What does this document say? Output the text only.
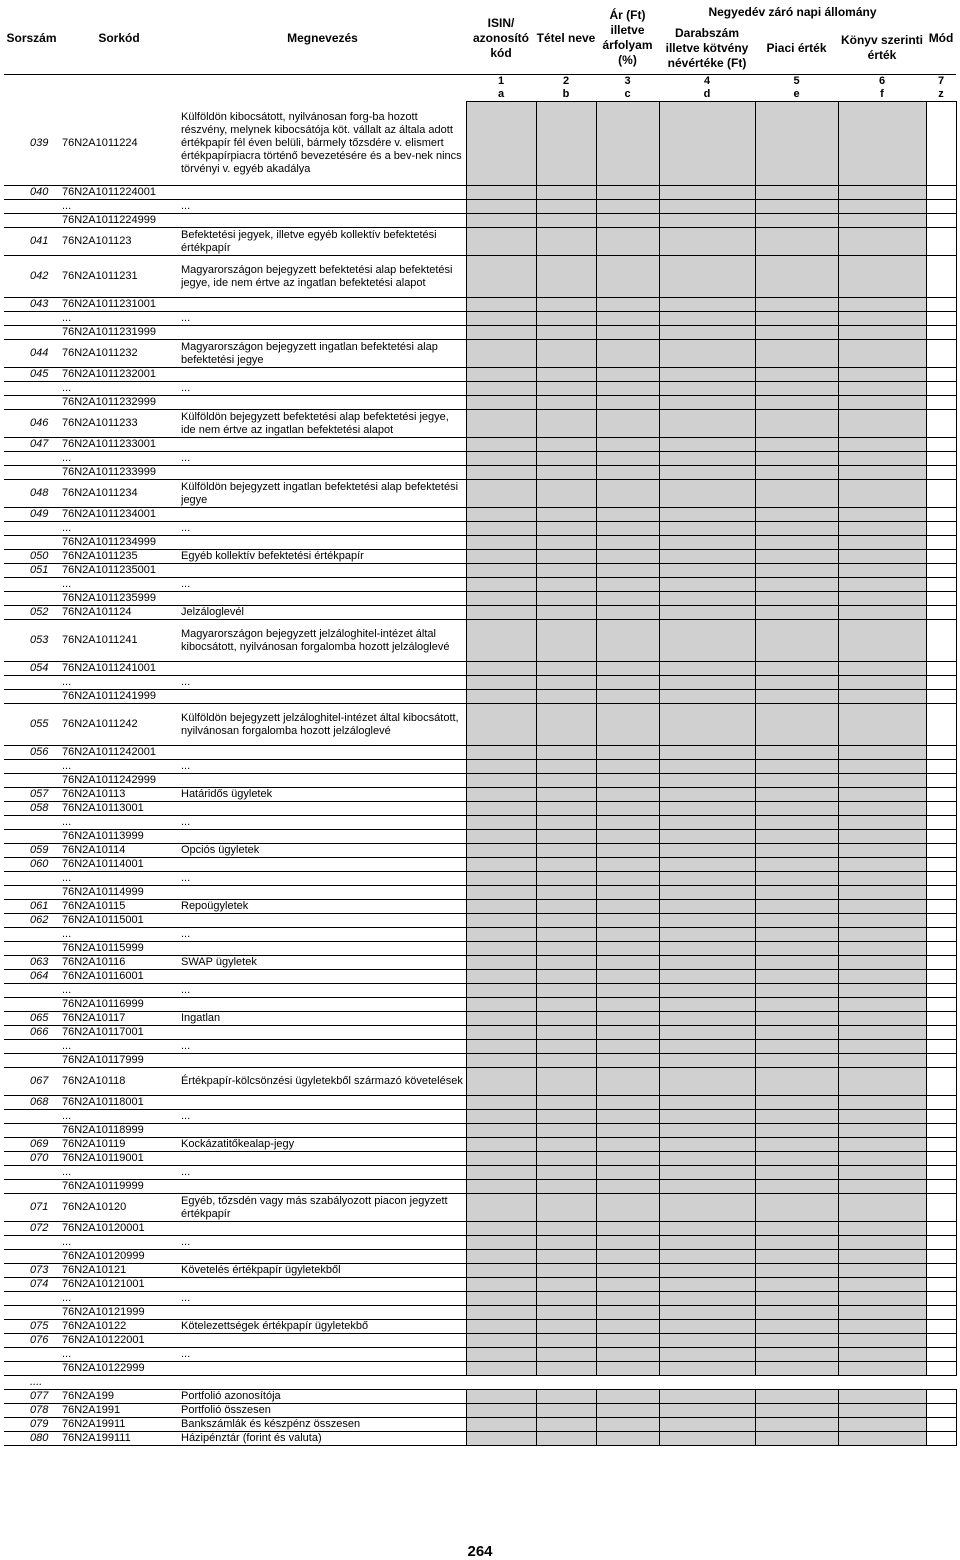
Sorszám	Sorkód	Megnevezés	ISIN/ azonosító kód	Tétel neve	Ár (Ft) illetve árfolyam (%)	Negyedév záró napi állomány			Mód
						Darabszám illetve kötvény névértéke (Ft)	Piaci érték	Könyv szerinti érték	

			1	2	3	4	5	6	7
			a	b	c	d	e	f	z
039	76N2A1011224	Külföldön kibocsátott, nyilvánosan forg-ba hozott részvény, melynek kibocsátója köt. vállalt az általa adott értékpapír fél éven belüli, bármely tőzsdére v. elismert értékpapírpiacra történő bevezetésére és a bev-nek nincs törvényi v. egyéb akadálya							
040	76N2A1011224001								
	...	...							
	76N2A1011224999								
041	76N2A101123	Befektetési jegyek, illetve egyéb kollektív befektetési értékpapír							
042	76N2A1011231	Magyarországon bejegyzett befektetési alap befektetési jegye, ide nem értve az ingatlan befektetési alapot							
043	76N2A1011231001								
	...	...							
	76N2A1011231999								
044	76N2A1011232	Magyarországon bejegyzett ingatlan befektetési alap befektetési jegye							
045	76N2A1011232001								
	...	...							
	76N2A1011232999								
046	76N2A1011233	Külföldön bejegyzett befektetési alap befektetési jegye, ide nem értve az ingatlan befektetési alapot							
047	76N2A1011233001								
	...	...							
	76N2A1011233999								
048	76N2A1011234	Külföldön bejegyzett ingatlan befektetési alap befektetési jegye							
049	76N2A1011234001								
	...	...							
	76N2A1011234999								
050	76N2A1011235	Egyéb kollektív befektetési értékpapír							
051	76N2A1011235001								
	...	...							
	76N2A1011235999								
052	76N2A101124	Jelzáloglevél							
053	76N2A1011241	Magyarországon bejegyzett jelzáloghitel-intézet által kibocsátott, nyilvánosan forgalomba hozott jelzáloglevé							
054	76N2A1011241001								
	...	...							
	76N2A1011241999								
055	76N2A1011242	Külföldön bejegyzett jelzáloghitel-intézet által kibocsátott, nyilvánosan forgalomba hozott jelzáloglevé							
056	76N2A1011242001								
	...	...							
	76N2A1011242999								
057	76N2A10113	Határidős ügyletek							
058	76N2A10113001								
	...	...							
	76N2A10113999								
059	76N2A10114	Opciós ügyletek							
060	76N2A10114001								
	...	...							
	76N2A10114999								
061	76N2A10115	Repoügyletek							
062	76N2A10115001								
	...	...							
	76N2A10115999								
063	76N2A10116	SWAP ügyletek							
064	76N2A10116001								
	...	...							
	76N2A10116999								
065	76N2A10117	Ingatlan							
066	76N2A10117001								
	...	...							
	76N2A10117999								
067	76N2A10118	Értékpapír-kölcsönzési ügyletekből származó követelések							
068	76N2A10118001								
	...	...							
	76N2A10118999								
069	76N2A10119	Kockázatitőkealap-jegy							
070	76N2A10119001								
	...	...							
	76N2A10119999								
071	76N2A10120	Egyéb, tőzsdén vagy más szabályozott piacon jegyzett értékpapír							
072	76N2A10120001								
	...	...							
	76N2A10120999								
073	76N2A10121	Követelés értékpapír ügyletekből							
074	76N2A10121001								
	...	...							
	76N2A10121999								
075	76N2A10122	Kötelezettségek értékpapír ügyletekbő							
076	76N2A10122001								
	...	...							
	76N2A10122999								
....									
077	76N2A199	Portfolió azonosítója							
078	76N2A1991	Portfolió összesen							
079	76N2A19911	Bankszámlák és készpénz összesen							
080	76N2A199111	Házipénztár (forint és valuta)							
264
